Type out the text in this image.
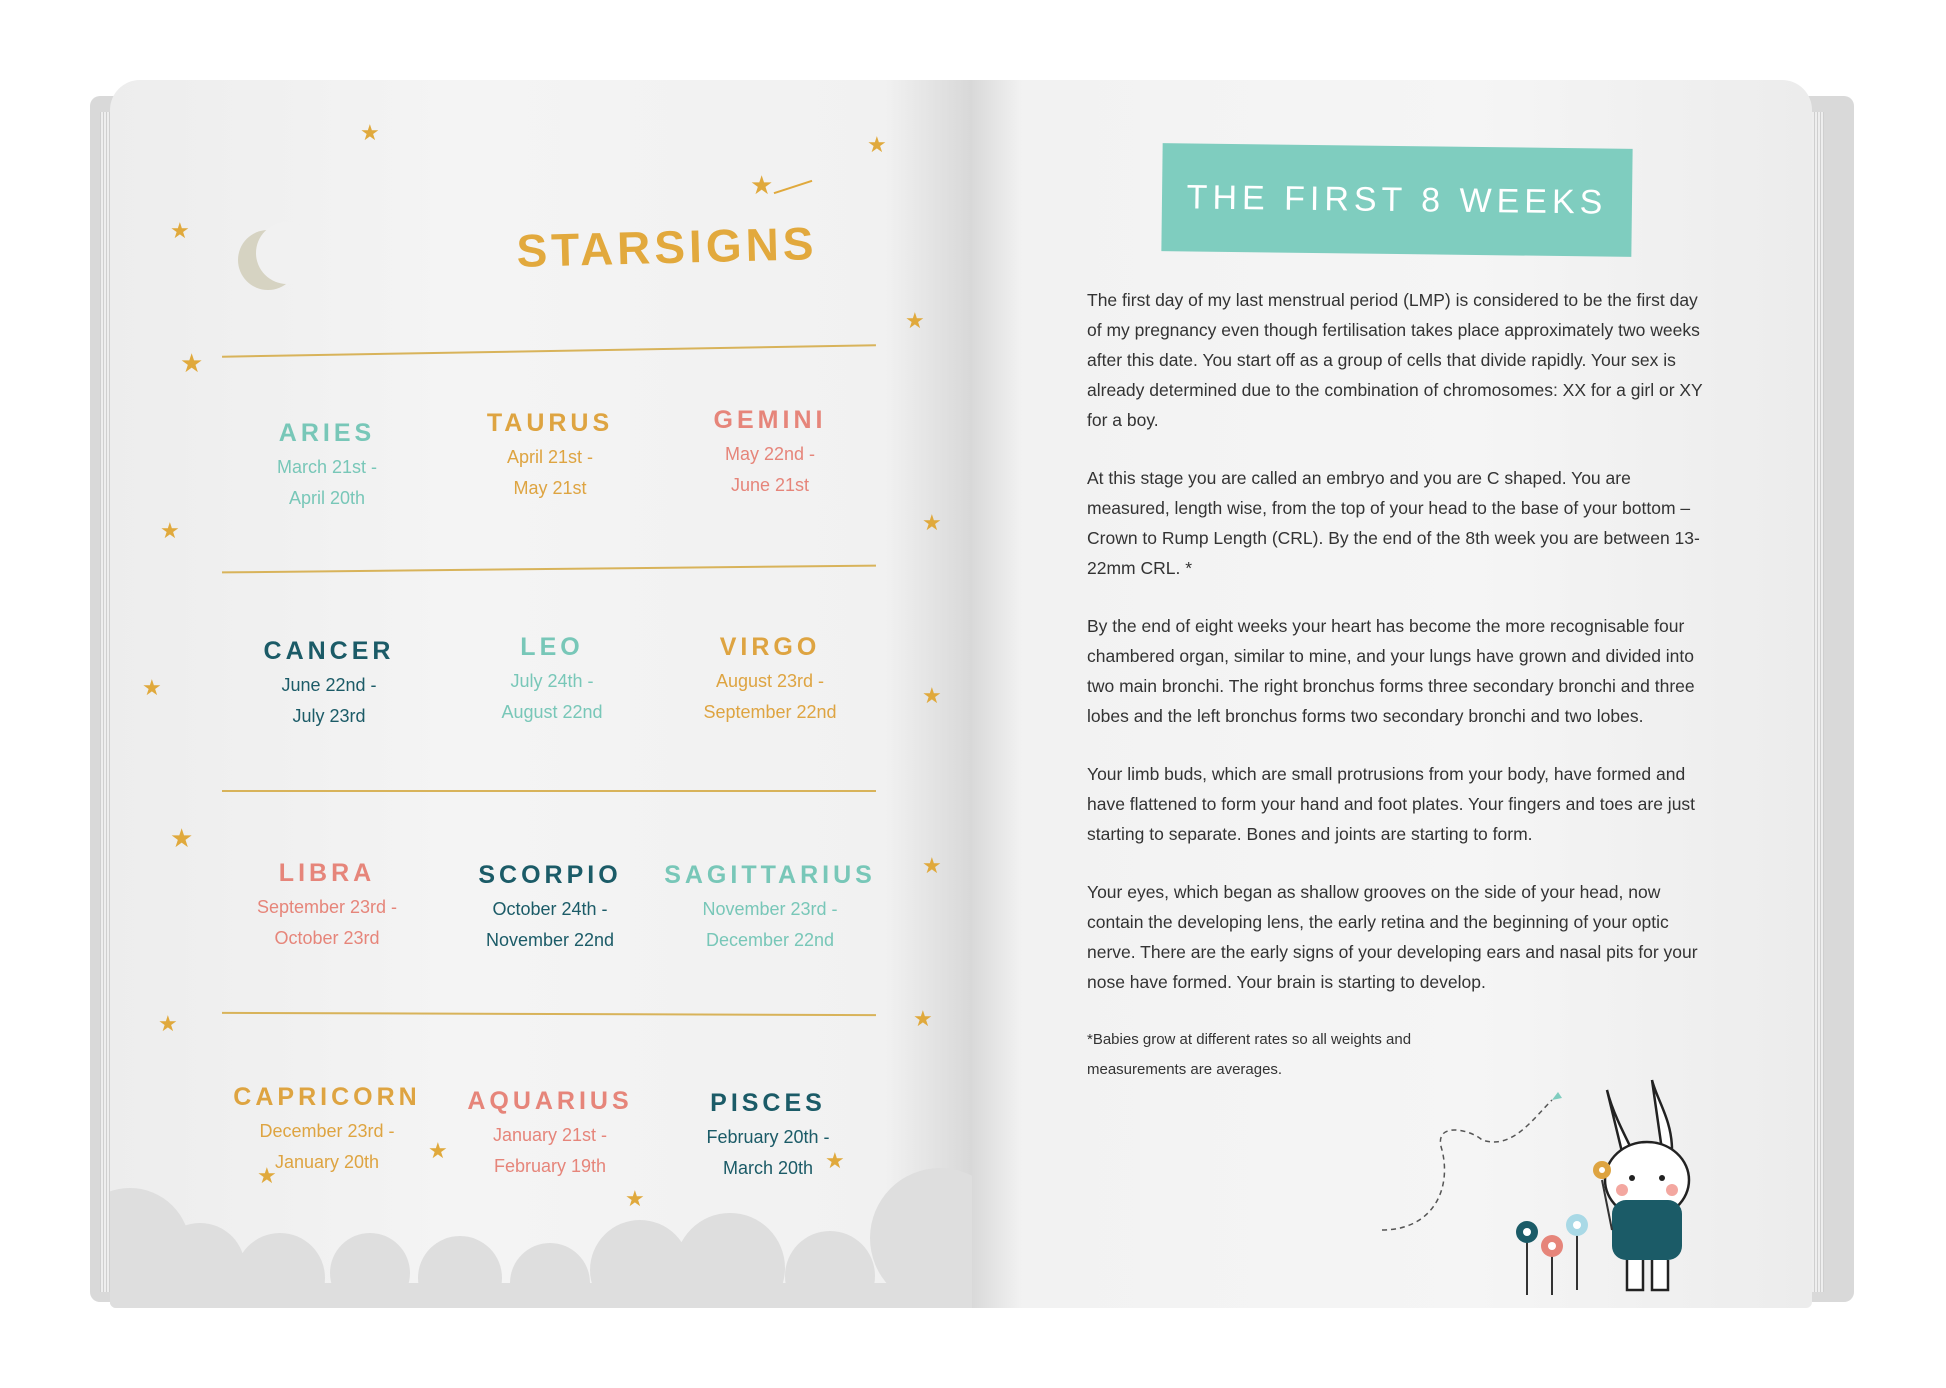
STARSIGNS
★
★	★
★
★
★
★	★
★	★
★
★
★	★
★
★
★
★
ARIES
March 21st -
April 20th
TAURUS
April 21st -
May 21st
GEMINI
May 22nd -
June 21st
CANCER
June 22nd -
July 23rd
LEO
July 24th -
August 22nd
VIRGO
August 23rd -
September 22nd
LIBRA
September 23rd -
October 23rd
SCORPIO
October 24th -
November 22nd
SAGITTARIUS
November 23rd -
December 22nd
CAPRICORN
December 23rd -
January 20th
AQUARIUS
January 21st -
February 19th
PISCES
February 20th -
March 20th
THE FIRST 8 WEEKS

The first day of my last menstrual period (LMP) is considered to be the first day of my pregnancy even though fertilisation takes place approximately two weeks after this date. You start off as a group of cells that divide rapidly. Your sex is already determined due to the combination of chromosomes: XX for a girl or XY for a boy.

At this stage you are called an embryo and you are C shaped. You are measured, length wise, from the top of your head to the base of your bottom – Crown to Rump Length (CRL). By the end of the 8th week you are between 13-22mm CRL. *

By the end of eight weeks your heart has become the more recognisable four chambered organ, similar to mine, and your lungs have grown and divided into two main bronchi. The right bronchus forms three secondary bronchi and three lobes and the left bronchus forms two secondary bronchi and two lobes.

Your limb buds, which are small protrusions from your body, have formed and have flattened to form your hand and foot plates. Your fingers and toes are just starting to separate. Bones and joints are starting to form.

Your eyes, which began as shallow grooves on the side of your head, now contain the developing lens, the early retina and the beginning of your optic nerve. There are the early signs of your developing ears and nasal pits for your nose have formed. Your brain is starting to develop.

*Babies grow at different rates so all weights and measurements are averages.
